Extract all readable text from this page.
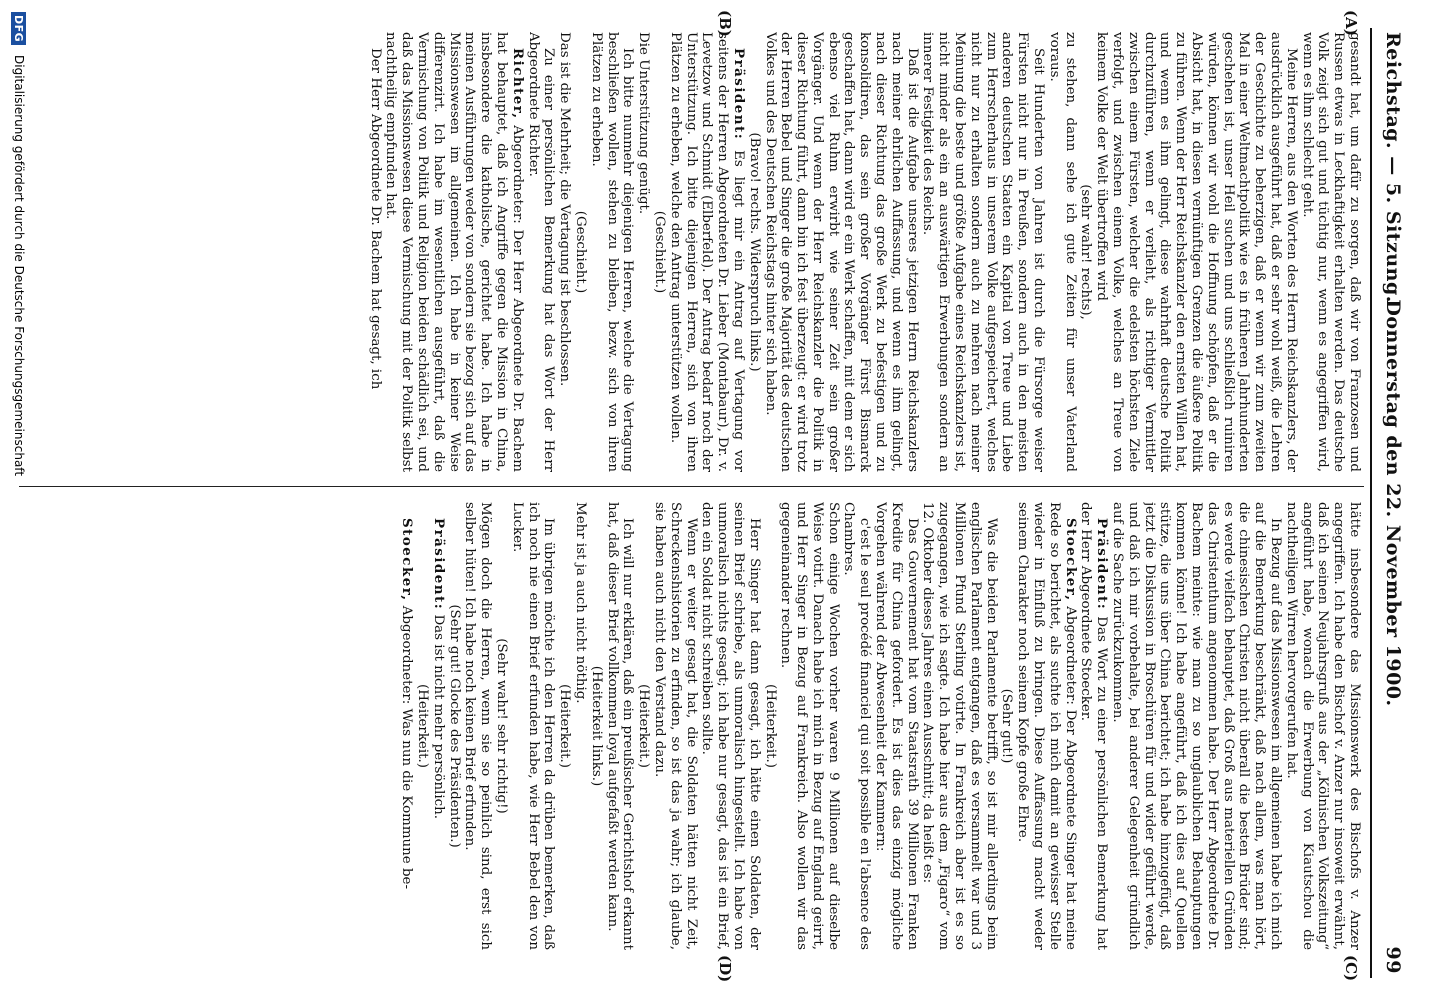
Reichstag. — 5. Sitzung.
Donnerstag den 22. November 1900.
99
(A)
(B)
(C)
(D)

gesandt hat, um dafür zu sorgen, daß wir von Franzosen und Russen etwas in Leckhaftigkeit erhalten werden. Das deutsche Volk zeigt sich gut und tüchtig nur, wenn es angegriffen wird, wenn es ihm schlecht geht.

Meine Herren, aus den Worten des Herrn Reichskanzlers, der ausdrücklich ausgeführt hat, daß er sehr wohl weiß, die Lehren der Geschichte zu beherzigen, daß er wenn wir zum zweiten Mal in einer Weltmachtpolitik wie es in früheren Jahrhunderten geschehen ist, unser Heil suchen und uns schließlich ruiniren würden, können wir wohl die Hoffnung schöpfen, daß er die Absicht hat, in diesen vernünftigen Grenzen die äußere Politik zu führen. Wenn der Herr Reichskanzler den ernsten Willen hat, und wenn es ihm gelingt, diese wahrhaft deutsche Politik durchzuführen, wenn er verlieht, als richtiger Vermittler zwischen einem Fürsten, welcher die edelsten höchsten Ziele verfolgt, und zwischen einem Volke, welches an Treue von keinem Volke der Welt übertroffen wird

(sehr wahr! rechts),

zu stehen, dann sehe ich gute Zeiten für unser Vaterland voraus.

Seit Hunderten von Jahren ist durch die Fürsorge weiser Fürsten nicht nur in Preußen, sondern auch in den meisten anderen deutschen Staaten ein Kapital von Treue und Liebe zum Herrscherhaus in unserem Volke aufgespeichert, welches nicht nur zu erhalten sondern auch zu mehren nach meiner Meinung die beste und größte Aufgabe eines Reichskanzlers ist, nicht minder als ein an auswärtigen Erwerbungen sondern an innerer Festigkeit des Reichs.

Daß ist die Aufgabe unseres jetzigen Herrn Reichskanzlers nach meiner ehrlichen Auffassung, und wenn es ihm gelingt, nach dieser Richtung das große Werk zu befestigen und zu konsolidiren, das sein großer Vorgänger Fürst Bismarck geschaffen hat, dann wird er ein Werk schaffen, mit dem er sich ebenso viel Ruhm erwirbt wie seiner Zeit sein großer Vorgänger. Und wenn der Herr Reichskanzler die Politik in dieser Richtung führt, dann bin ich fest überzeugt: er wird trotz der Herren Bebel und Singer die große Majorität des deutschen Volkes und des Deutschen Reichstags hinter sich haben.

(Bravo! rechts. Widerspruch links.)

Präsident: Es liegt mir ein Antrag auf Vertagung vor seitens der Herren Abgeordneten Dr. Lieber (Montabaur), Dr. v. Levetzow und Schmidt (Elberfeld). Der Antrag bedarf noch der Unterstützung. Ich bitte diejenigen Herren, sich von ihren Plätzen zu erheben, welche den Antrag unterstützen wollen.

(Geschieht.)

Die Unterstützung genügt.

Ich bitte nunmehr diejenigen Herren, welche die Vertagung beschließen wollen, stehen zu bleiben, bezw. sich von ihren Plätzen zu erheben.

(Geschieht.)

Das ist die Mehrheit; die Vertagung ist beschlossen.

Zu einer persönlichen Bemerkung hat das Wort der Herr Abgeordnete Richter.

Richter, Abgeordneter: Der Herr Abgeordnete Dr. Bachem hat behauptet, daß ich Angriffe gegen die Mission in China, insbesondere die katholische, gerichtet habe. Ich habe in meinen Ausführungen weder von sondern sie bezog sich auf das Missionswesen im allgemeinen. Ich habe in keiner Weise differenzirt. Ich habe im wesentlichen ausgeführt, daß die Vermischung von Politik und Religion beiden schädlich sei, und daß das Missionswesen diese Vermischung mit der Politik selbst nachtheilig empfunden hat.

Der Herr Abgeordnete Dr. Bachem hat gesagt, ich

hätte insbesondere das Missionswerk des Bischofs v. Anzer angegriffen. Ich habe den Bischof v. Anzer nur insoweit erwähnt, daß ich seinen Neujahrsgruß aus der „Kölnischen Volkszeitung“ angeführt habe, wonach die Erwerbung von Kiautschou die nachtheiligen Wirren hervorgerufen hat.

In Bezug auf das Missionswesen im allgemeinen habe ich mich auf die Bemerkung beschränkt, daß nach allem, was man hört, die chinesischen Christen nicht überall die besten Brüder sind; es werde vielfach behauptet, daß Groß aus materiellen Gründen das Christenthum angenommen habe. Der Herr Abgeordnete Dr. Bachem meinte: wie man zu so unglaublichen Behauptungen kommen könne! Ich habe angeführt, daß ich dies auf Quellen stütze, die uns über China berichtet; ich habe hinzugefügt, daß jetzt die Diskussion in Broschüren für und wider geführt werde, und daß ich mir vorbehalte, bei anderer Gelegenheit gründlich auf die Sache zurückzukommen.

Präsident: Das Wort zu einer persönlichen Bemerkung hat der Herr Abgeordnete Stoecker.

Stoecker, Abgeordneter: Der Abgeordnete Singer hat meine Rede so berichtet, als suchte ich mich damit an gewisser Stelle wieder in Einfluß zu bringen. Diese Auffassung macht weder seinem Charakter noch seinem Kopfe große Ehre.

(Sehr gut!)

Was die beiden Parlamente betrifft, so ist mir allerdings beim englischen Parlament entgangen, daß es versammelt war und 3 Millionen Pfund Sterling votirte. In Frankreich aber ist es so zugegangen, wie ich sagte. Ich habe hier aus dem „Figaro“ vom 12. Oktober dieses Jahres einen Ausschnitt; da heißt es:

Das Gouvernement hat vom Staatsrath 39 Millionen Franken Kredite für China gefordert. Es ist dies das einzig mögliche Vorgehen während der Abwesenheit der Kammern:

c'est le seul procédé financiel qui soit possible en l'absence des Chambres.

Schon einige Wochen vorher waren 9 Millionen auf dieselbe Weise votirt. Danach habe ich mich in Bezug auf England geirrt, und Herr Singer in Bezug auf Frankreich. Also wollen wir das gegeneinander rechnen.

(Heiterkeit.)

Herr Singer hat dann gesagt, ich hätte einen Soldaten, der seinen Brief schriebe, als unmoralisch hingestellt. Ich habe von unmoralisch nichts gesagt; ich habe nur gesagt, das ist ein Brief, den ein Soldat nicht schreiben sollte.

Wenn er weiter gesagt hat, die Soldaten hätten nicht Zeit, Schreckenshistorien zu erfinden, so ist das ja wahr; ich glaube, sie haben auch nicht den Verstand dazu.

(Heiterkeit.)

Ich will nur erklären, daß ein preußischer Gerichtshof erkannt hat, daß dieser Brief vollkommen loyal aufgefaßt werden kann.

(Heiterkeit links.)

Mehr ist ja auch nicht nöthig.

(Heiterkeit.)

Im übrigen möchte ich den Herren da drüben bemerken, daß ich noch nie einen Brief erfunden habe, wie Herr Bebel den von Lucker.

(Sehr wahr! sehr richtig!)

Mögen doch die Herren, wenn sie so peinlich sind, erst sich selber hüten! Ich habe noch keinen Brief erfunden.

(Sehr gut! Glocke des Präsidenten.)

Präsident: Das ist nicht mehr persönlich.

(Heiterkeit.)

Stoecker, Abgeordneter: Was nun die Kommune be-

DFG Digitalisierung gefördert durch die Deutsche Forschungsgemeinschaft
